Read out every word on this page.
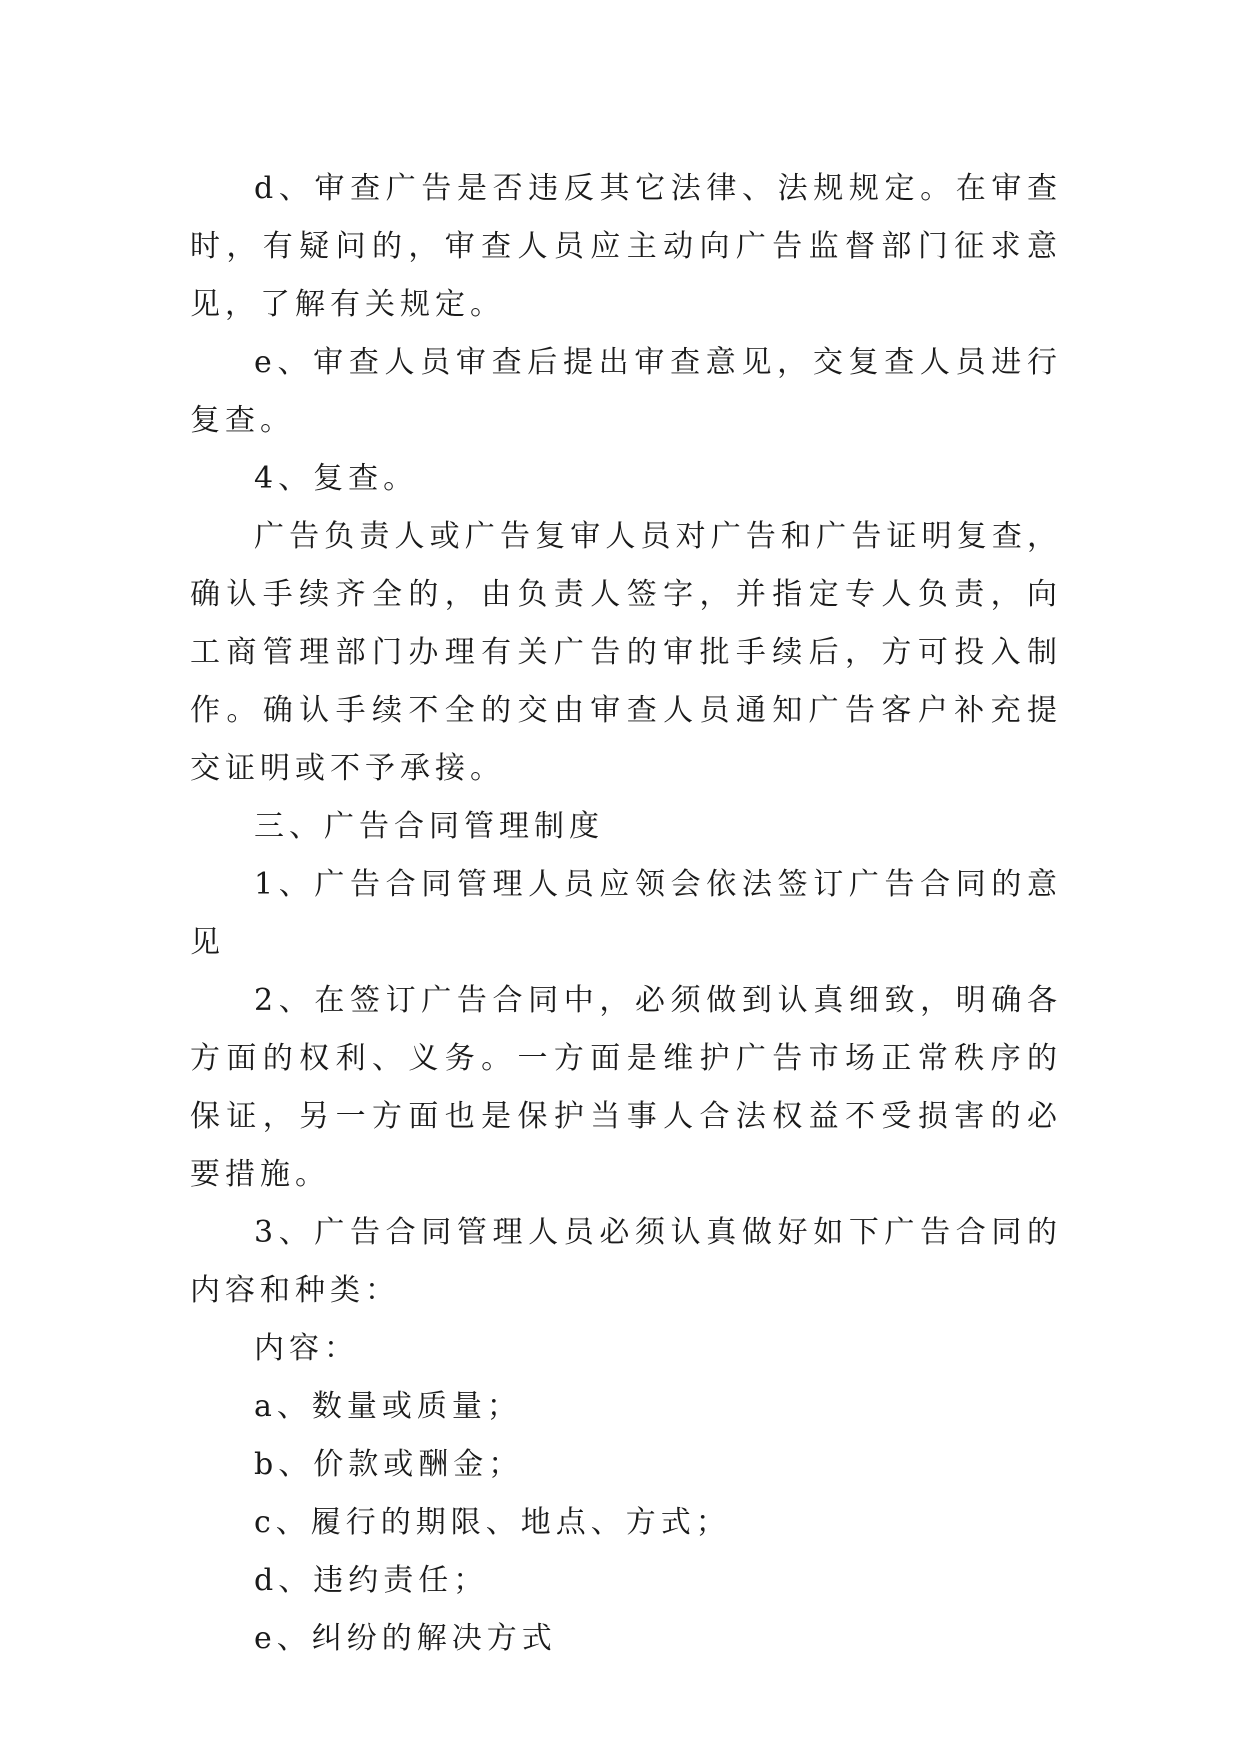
d、审查广告是否违反其它法律、法规规定。在审查时，有疑问的，审查人员应主动向广告监督部门征求意见，了解有关规定。

e、审查人员审查后提出审查意见，交复查人员进行复查。

4、复查。

广告负责人或广告复审人员对广告和广告证明复查，确认手续齐全的，由负责人签字，并指定专人负责，向工商管理部门办理有关广告的审批手续后，方可投入制作。确认手续不全的交由审查人员通知广告客户补充提交证明或不予承接。

三、广告合同管理制度

1、广告合同管理人员应领会依法签订广告合同的意见

2、在签订广告合同中，必须做到认真细致，明确各方面的权利、义务。一方面是维护广告市场正常秩序的保证，另一方面也是保护当事人合法权益不受损害的必要措施。

3、广告合同管理人员必须认真做好如下广告合同的内容和种类：

内容：

a、数量或质量；

b、价款或酬金；

c、履行的期限、地点、方式；

d、违约责任；

e、纠纷的解决方式
